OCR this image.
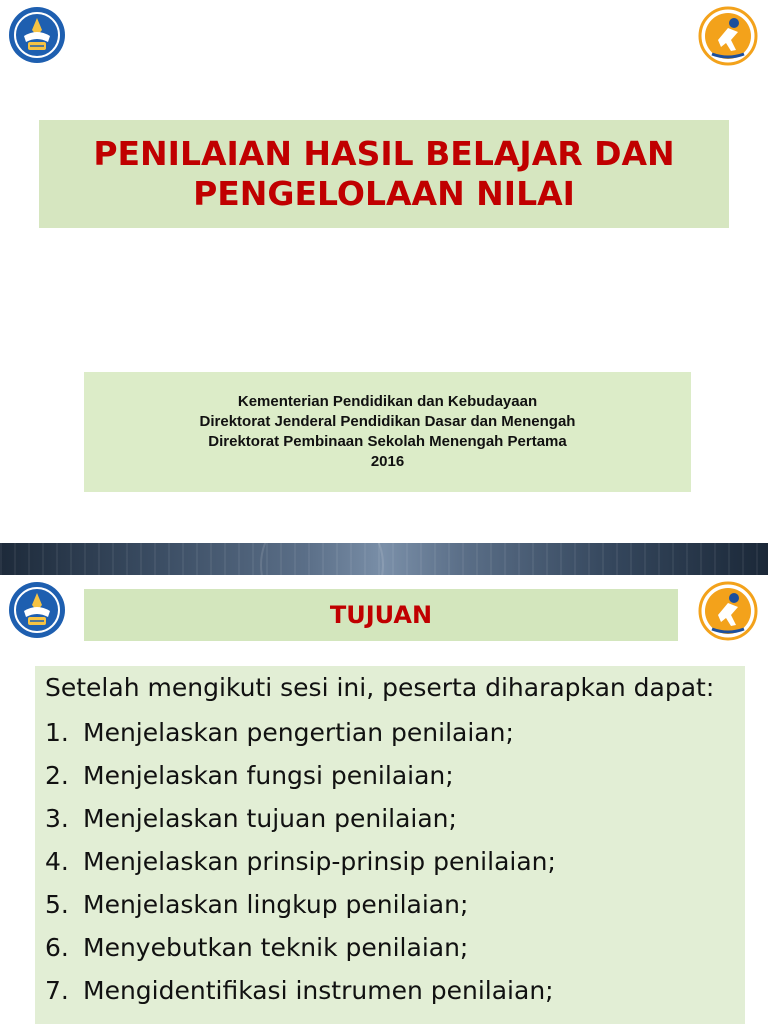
PENILAIAN HASIL BELAJAR DAN
PENGELOLAAN NILAI
Kementerian Pendidikan dan Kebudayaan
Direktorat Jenderal Pendidikan Dasar dan Menengah
Direktorat Pembinaan Sekolah Menengah Pertama
2016
TUJUAN
Setelah mengikuti sesi ini, peserta diharapkan dapat:
1. Menjelaskan pengertian penilaian;
2. Menjelaskan fungsi penilaian;
3. Menjelaskan tujuan penilaian;
4. Menjelaskan prinsip-prinsip penilaian;
5. Menjelaskan lingkup penilaian;
6. Menyebutkan teknik penilaian;
7. Mengidentifikasi instrumen penilaian;
